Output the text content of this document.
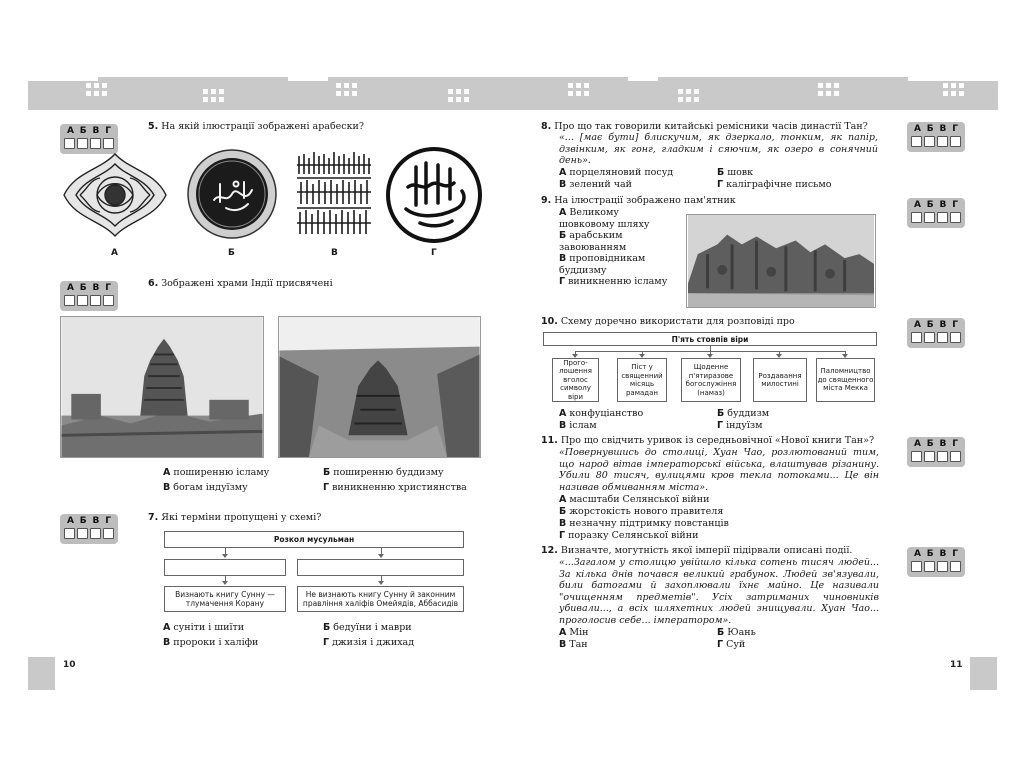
10	11
А Б В Г
А Б В Г
А Б В Г
А Б В Г
А Б В Г
А Б В Г
А Б В Г
А Б В Г
5. На якій ілюстрації зображені арабески?
А	Б	В	Г
6. Зображені храми Індії присвячені
А поширенню ісламу	Б поширенню буддизму
В богам індуїзму	Г виникненню християнства
7. Які терміни пропущені у схемі?
Розкол мусульман
Визнають книгу Сунну — тлумачення Корану
Не визнають книгу Сунну й законним правління халіфів Омейядів, Аббасидів
А суніти і шиїти	Б бедуїни і маври
В пророки і халіфи	Г джизія і джихад
8. Про що так говорили китайські ремісники часів династії Тан?
«... [має бути] блискучим, як дзеркало, тонким, як папір, дзвінким, як гонг, гладким і сяючим, як озеро в сонячний день».
А порцеляновий посуд	Б шовк
В зелений чай	Г каліграфічне письмо
9. На ілюстрації зображено пам'ятник
А Великому шовковому шляху
Б арабським завоюванням
В проповідникам буддизму
Г виникненню ісламу
10. Схему доречно використати для розповіді про
П'ять стовпів віри
Прого- лошення вголос символу віри
Піст у священний місяць рамадан
Щоденне п'ятиразове богослужіння (намаз)
Роздавання милостині
Паломництво до священного міста Мекка
А конфуціанство	Б буддизм
В іслам	Г індуїзм
11. Про що свідчить уривок із середньовічної «Нової книги Тан»?
«Повернувшись до столиці, Хуан Чао, розлютований тим, що народ вітав імператорські війська, влаштував різанину. Убили 80 тисяч, вулицями кров текла потоками... Це він називав обмиванням міста».
А масштаби Селянської війни
Б жорстокість нового правителя
В незначну підтримку повстанців
Г поразку Селянської війни
12. Визначте, могутність якої імперії підірвали описані події.
«...Загалом у столицю увійшло кілька сотень тисяч людей... За кілька днів почався великий грабунок. Людей зв'язували, били батогами й захоплювали їхнє майно. Це називали "очищенням предметів". Усіх затриманих чиновників убивали..., а всіх шляхетних людей знищували. Хуан Чао... проголосив себе... імператором».
А Мін	Б Юань
В Тан	Г Суй
